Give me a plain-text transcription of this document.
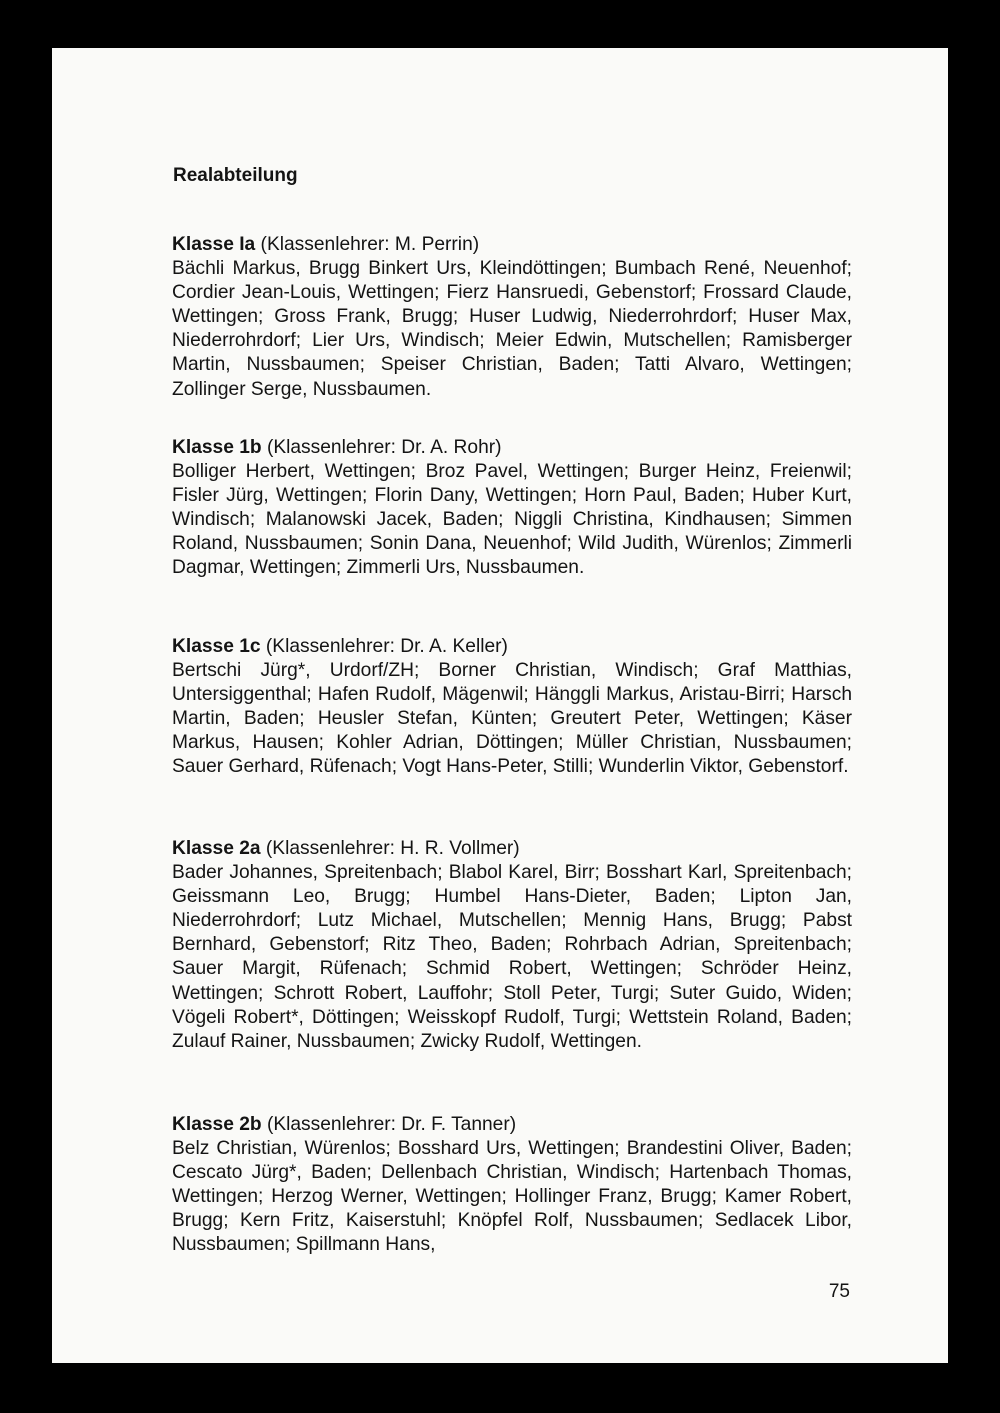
Realabteilung

Klasse Ia (Klassenlehrer: M. Perrin)
Bächli Markus, Brugg Binkert Urs, Kleindöttingen; Bumbach René, Neuenhof; Cordier Jean-Louis, Wettingen; Fierz Hansruedi, Gebenstorf; Frossard Claude, Wettingen; Gross Frank, Brugg; Huser Ludwig, Niederrohrdorf; Huser Max, Niederrohrdorf; Lier Urs, Windisch; Meier Edwin, Mutschellen; Ramisberger Martin, Nussbaumen; Speiser Christian, Baden; Tatti Alvaro, Wettingen; Zollinger Serge, Nussbaumen.
Klasse 1b (Klassenlehrer: Dr. A. Rohr)
Bolliger Herbert, Wettingen; Broz Pavel, Wettingen; Burger Heinz, Freienwil; Fisler Jürg, Wettingen; Florin Dany, Wettingen; Horn Paul, Baden; Huber Kurt, Windisch; Malanowski Jacek, Baden; Niggli Christina, Kindhausen; Simmen Roland, Nussbaumen; Sonin Dana, Neuenhof; Wild Judith, Würenlos; Zimmerli Dagmar, Wettingen; Zimmerli Urs, Nussbaumen.
Klasse 1c (Klassenlehrer: Dr. A. Keller)
Bertschi Jürg*, Urdorf/ZH; Borner Christian, Windisch; Graf Matthias, Untersiggenthal; Hafen Rudolf, Mägenwil; Hänggli Markus, Aristau-Birri; Harsch Martin, Baden; Heusler Stefan, Künten; Greutert Peter, Wettingen; Käser Markus, Hausen; Kohler Adrian, Döttingen; Müller Christian, Nussbaumen; Sauer Gerhard, Rüfenach; Vogt Hans-Peter, Stilli; Wunderlin Viktor, Gebenstorf.
Klasse 2a (Klassenlehrer: H. R. Vollmer)
Bader Johannes, Spreitenbach; Blabol Karel, Birr; Bosshart Karl, Spreitenbach; Geissmann Leo, Brugg; Humbel Hans-Dieter, Baden; Lipton Jan, Niederrohrdorf; Lutz Michael, Mutschellen; Mennig Hans, Brugg; Pabst Bernhard, Gebenstorf; Ritz Theo, Baden; Rohrbach Adrian, Spreitenbach; Sauer Margit, Rüfenach; Schmid Robert, Wettingen; Schröder Heinz, Wettingen; Schrott Robert, Lauffohr; Stoll Peter, Turgi; Suter Guido, Widen; Vögeli Robert*, Döttingen; Weisskopf Rudolf, Turgi; Wettstein Roland, Baden; Zulauf Rainer, Nussbaumen; Zwicky Rudolf, Wettingen.
Klasse 2b (Klassenlehrer: Dr. F. Tanner)
Belz Christian, Würenlos; Bosshard Urs, Wettingen; Brandestini Oliver, Baden; Cescato Jürg*, Baden; Dellenbach Christian, Windisch; Hartenbach Thomas, Wettingen; Herzog Werner, Wettingen; Hollinger Franz, Brugg; Kamer Robert, Brugg; Kern Fritz, Kaiserstuhl; Knöpfel Rolf, Nussbaumen; Sedlacek Libor, Nussbaumen; Spillmann Hans,

75
